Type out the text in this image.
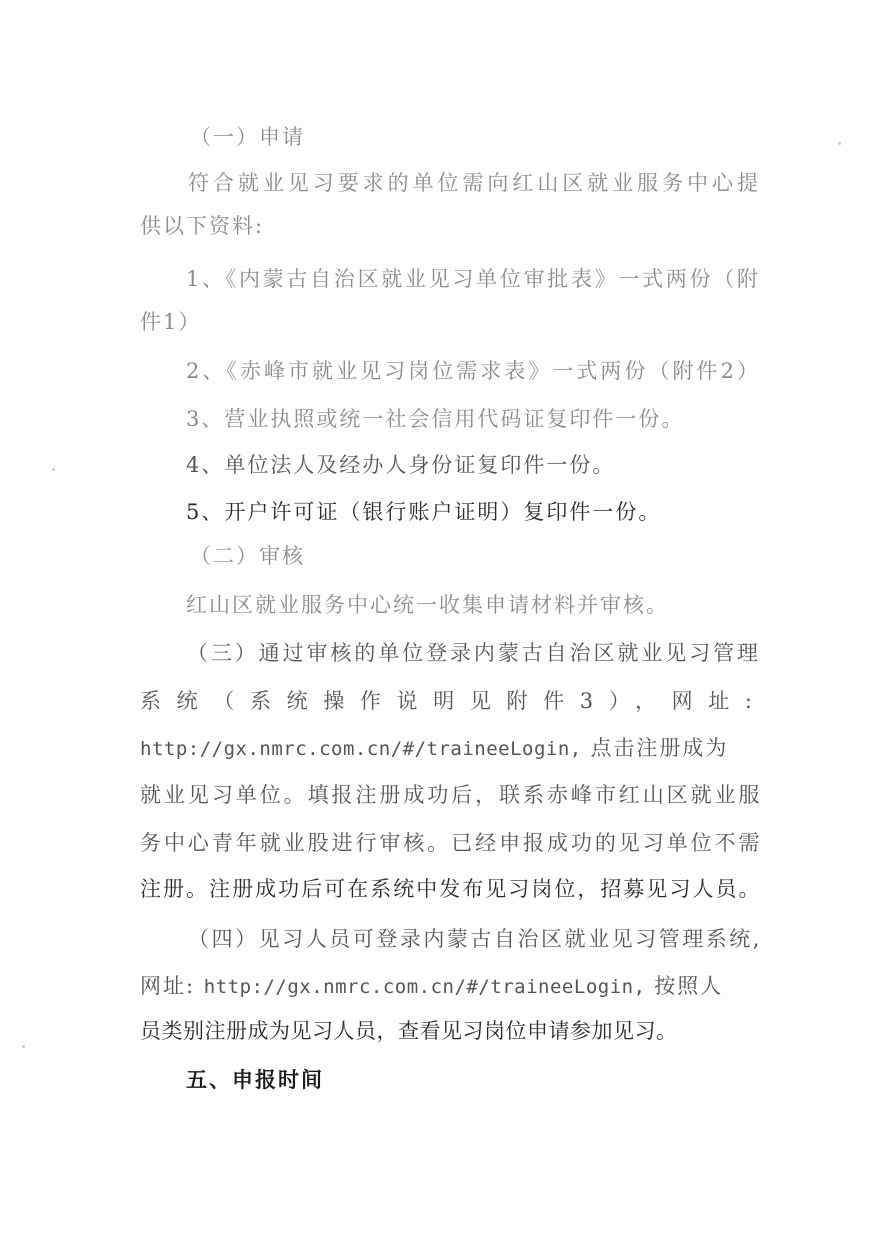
（一）申请

符合就业见习要求的单位需向红山区就业服务中心提

供以下资料:

1、《内蒙古自治区就业见习单位审批表》一式两份（附

件1）

2、《赤峰市就业见习岗位需求表》一式两份（附件2）

3、营业执照或统一社会信用代码证复印件一份。

4、单位法人及经办人身份证复印件一份。

5、开户许可证（银行账户证明）复印件一份。

（二）审核

红山区就业服务中心统一收集申请材料并审核。

（三）通过审核的单位登录内蒙古自治区就业见习管理

系统（系统操作说明见附件3），网址:

http://gx.nmrc.com.cn/#/traineeLogin, 点击注册成为

就业见习单位。填报注册成功后，联系赤峰市红山区就业服

务中心青年就业股进行审核。已经申报成功的见习单位不需

注册。注册成功后可在系统中发布见习岗位，招募见习人员。

（四）见习人员可登录内蒙古自治区就业见习管理系统,

网址: http://gx.nmrc.com.cn/#/traineeLogin, 按照人

员类别注册成为见习人员，查看见习岗位申请参加见习。

五、申报时间
